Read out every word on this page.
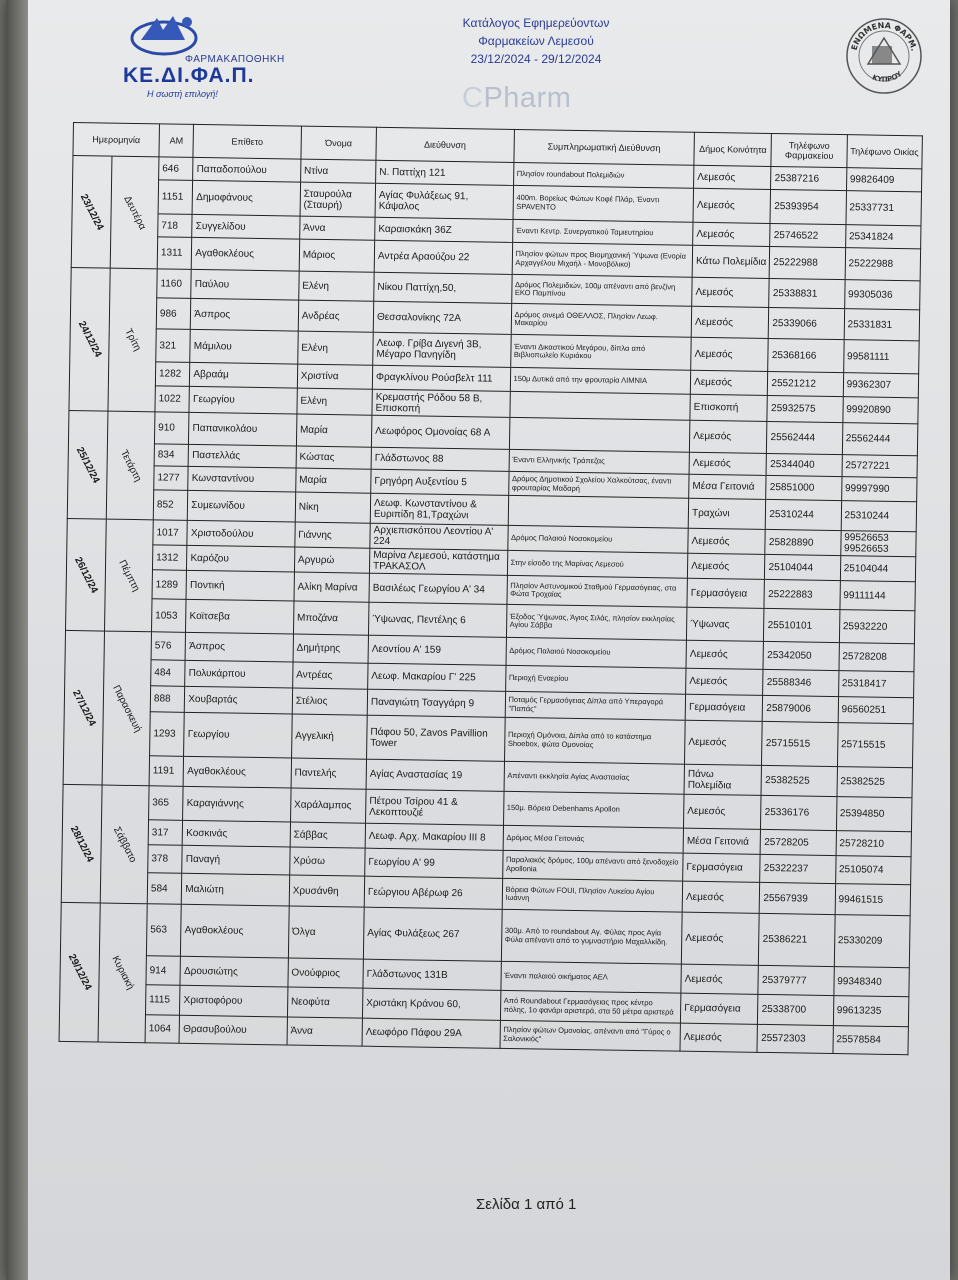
ΦΑΡΜΑΚΑΠΟΘΗΚΗ
ΚΕ.ΔΙ.ΦΑ.Π.
Η σωστή επιλογή!
Κατάλογος Εφημερεύοντων
Φαρμακείων Λεμεσού
23/12/2024 - 29/12/2024
CPharm
ΕΝΩΜΕΝΑ ΦΑΡΜ.
ΚΥΠΡΟΥ
Ημερομηνία		AM	Επίθετο	Όνομα	Διεύθυνση	Συμπληρωματική Διεύθυνση	Δήμος Κοινότητα	Τηλέφωνο Φαρμακείου	Τηλέφωνο Οικίας

23/12/24	Δευτέρα	646	Παπαδοπούλου	Ντίνα	Ν. Παττίχη 121	Πλησίον roundabout Πολεμιδιών	Λεμεσός	25387216	99826409
		1151	Δημοφάνους	Σταυρούλα (Σταυρή)	Αγίας Φυλάξεως 91, Κάψαλος	400m. Βορείως Φώτων Κοφέ Πλάρ, Έναντι SPAVENTO	Λεμεσός	25393954	25337731
		718	Συγγελίδου	Άννα	Καραισκάκη 36Ζ	Έναντι Κεντρ. Συνεργατικού Ταμιευτηρίου	Λεμεσός	25746522	25341824
		1311	Αγαθοκλέους	Μάριος	Αντρέα Αραούζου 22	Πλησίον φώτων προς Βιομηχανική Ύψωνα (Ενορία Αρχαγγέλου Μιχαήλ - Μονοβόλικο)	Κάτω Πολεμίδια	25222988	25222988

24/12/24	Τρίτη	1160	Παύλου	Ελένη	Νίκου Παττίχη,50,	Δρόμος Πολεμιδιών, 100μ απέναντι από βενζίνη ΕΚΟ Παμπίνου	Λεμεσός	25338831	99305036
		986	Άσπρος	Ανδρέας	Θεσσαλονίκης 72Α	Δρόμος σινεμά ΟΘΕΛΛΟΣ, Πλησίον Λεωφ. Μακαρίου	Λεμεσός	25339066	25331831
		321	Μάμιλου	Ελένη	Λεωφ. Γρίβα Διγενή 3Β, Μέγαρο Πανηγίδη	Έναντι Δικαστικού Μεγάρου, δίπλα από Βιβλιοπωλείο Κυριάκου	Λεμεσός	25368166	99581111
		1282	Αβραάμ	Χριστίνα	Φραγκλίνου Ρούσβελτ 111	150μ Δυτικά από την φρουταρία ΛΙΜΝΙΑ	Λεμεσός	25521212	99362307
		1022	Γεωργίου	Ελένη	Κρεμαστής Ρόδου 58 Β, Επισκοπή		Επισκοπή	25932575	99920890

25/12/24	Τετάρτη	910	Παπανικολάου	Μαρία	Λεωφόρος Ομονοίας 68 Α		Λεμεσός	25562444	25562444
		834	Παστελλάς	Κώστας	Γλάδστωνος 88	Έναντι Ελληνικής Τράπεζας	Λεμεσός	25344040	25727221
		1277	Κωνσταντίνου	Μαρία	Γρηγόρη Αυξεντίου 5	Δρόμος Δημοτικού Σχολείου Χαλκούτσας, έναντι φρουταρίας Μαδαρή	Μέσα Γειτονιά	25851000	99997990
		852	Συμεωνίδου	Νίκη	Λεωφ. Κωνσταντίνου & Ευριπίδη 81,Τραχώνι		Τραχώνι	25310244	25310244

26/12/24	Πέμπτη	1017	Χριστοδούλου	Γιάννης	Αρχιεπισκόπου Λεοντίου Α' 224	Δρόμος Παλαιού Νοσοκομείου	Λεμεσός	25828890	99526653 99526653
		1312	Καρόζου	Αργυρώ	Μαρίνα Λεμεσού, κατάστημα ΤΡΑΚΑΣΟΛ	Στην είσοδο της Μαρίνας Λεμεσού	Λεμεσός	25104044	25104044
		1289	Ποντική	Αλίκη Μαρίνα	Βασιλέως Γεωργίου Α' 34	Πλησίον Αστυνομικού Σταθμού Γερμασόγειας, στα Φώτα Τροχαίας	Γερμασόγεια	25222883	99111144
		1053	Κοϊτσεβα	Μποζάνα	Ύψωνας, Πεντέλης 6	Έξοδος Ύψωνας, Άγιος Σιλάς, πλησίον εκκλησίας Αγίου Σάββα	Ύψωνας	25510101	25932220

27/12/24	Παρασκευή	576	Άσπρος	Δημήτρης	Λεοντίου Α' 159	Δρόμος Παλαιού Νοσοκομείου	Λεμεσός	25342050	25728208
		484	Πολυκάρπου	Αντρέας	Λεωφ. Μακαρίου Γ' 225	Περιοχή Εναερίου	Λεμεσός	25588346	25318417
		888	Χουβαρτάς	Στέλιος	Παναγιώτη Τσαγγάρη 9	Ποταμός Γερμασόγειας Δίπλα από Υπεραγορά "Παπάς"	Γερμασόγεια	25879006	96560251
		1293	Γεωργίου	Αγγελική	Πάφου 50, Zavos Pavillion Tower	Περιοχή Ομόνοια, Δίπλα από το κατάστημα Shoebox, φώτα Ομονοίας	Λεμεσός	25715515	25715515
		1191	Αγαθοκλέους	Παντελής	Αγίας Αναστασίας 19	Απέναντι εκκλησία Αγίας Αναστασίας	Πάνω Πολεμίδια	25382525	25382525

28/12/24	Σάββατο	365	Καραγιάννης	Χαράλαμπος	Πέτρου Τσίρου 41 & Λεκοπτουζιέ	150μ. Βόρεια Debenhams Apollon	Λεμεσός	25336176	25394850
		317	Κοσκινάς	Σάββας	Λεωφ. Αρχ. Μακαρίου III 8	Δρόμος Μέσα Γειτονιάς	Μέσα Γειτονιά	25728205	25728210
		378	Παναγή	Χρύσω	Γεωργίου Α' 99	Παραλιακός δρόμος, 100μ απέναντι από ξενοδοχείο Apollonia	Γερμασόγεια	25322237	25105074
		584	Μαλιώτη	Χρυσάνθη	Γεώργιου Αβέρωφ 26	Βόρεια Φώτων FOUI, Πλησίον Λυκείου Αγίου Ιωάννη	Λεμεσός	25567939	99461515

29/12/24	Κυριακή	563	Αγαθοκλέους	Όλγα	Αγίας Φυλάξεως 267	300μ. Από το roundabout Αγ. Φύλας προς Αγία Φύλα απέναντι από το γυμναστήριο Μαχαλλκίδη.	Λεμεσός	25386221	25330209
		914	Δρουσιώτης	Ονούφριος	Γλάδστωνος 131Β	Έναντι παλαιού οικήματος ΑΕΛ	Λεμεσός	25379777	99348340
		1115	Χριστοφόρου	Νεοφύτα	Χριστάκη Κράνου 60,	Από Roundabout Γερμασόγειας προς κέντρο πόλης, 1ο φανάρι αριστερά, στα 50 μέτρα αριστερά	Γερμασόγεια	25338700	99613235
		1064	Θρασυβούλου	Άννα	Λεωφόρο Πάφου 29Α	Πλησίον φώτων Ομονοίας, απέναντι από "Γύρος ο Σαλονικιός"	Λεμεσός	25572303	25578584
Σελίδα 1 από 1
